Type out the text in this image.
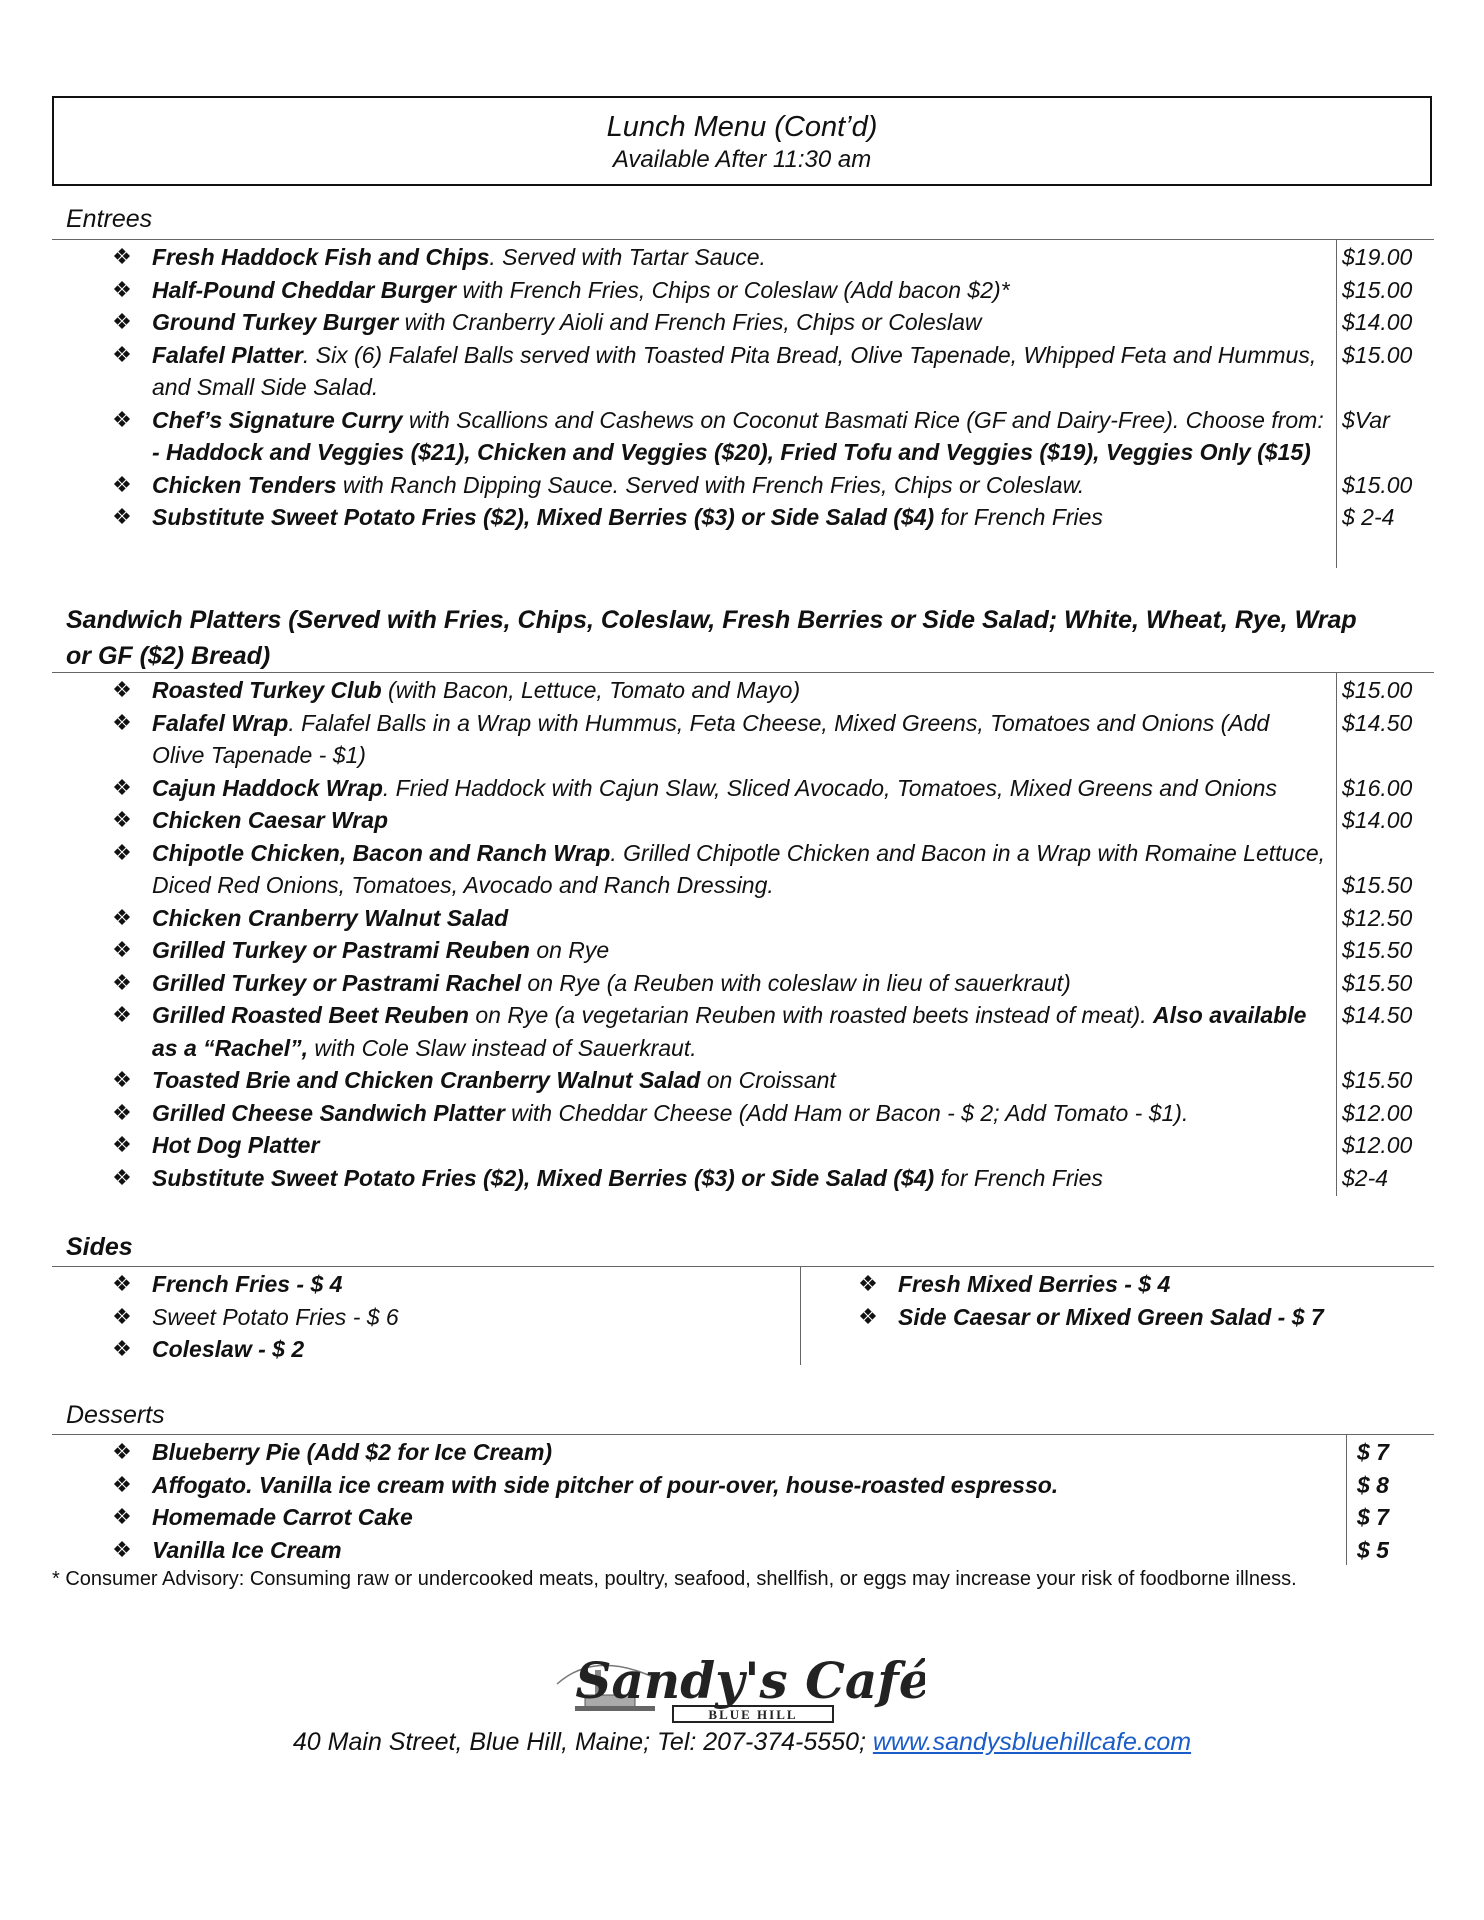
Lunch Menu (Cont’d)
Available After 11:30 am
Entrees
❖ Fresh Haddock Fish and Chips. Served with Tartar Sauce.	$19.00
❖ Half-Pound Cheddar Burger with French Fries, Chips or Coleslaw (Add bacon $2)*	$15.00
❖ Ground Turkey Burger with Cranberry Aioli and French Fries, Chips or Coleslaw	$14.00
❖ Falafel Platter. Six (6) Falafel Balls served with Toasted Pita Bread, Olive Tapenade, Whipped Feta and Hummus, and Small Side Salad.
$15.00
❖ Chef’s Signature Curry with Scallions and Cashews on Coconut Basmati Rice (GF and Dairy-Free). Choose from:
- Haddock and Veggies ($21), Chicken and Veggies ($20), Fried Tofu and Veggies ($19), Veggies Only ($15)
$Var
❖ Chicken Tenders with Ranch Dipping Sauce. Served with French Fries, Chips or Coleslaw.	$15.00
❖ Substitute Sweet Potato Fries ($2), Mixed Berries ($3) or Side Salad ($4) for French Fries	$ 2-4
Sandwich Platters (Served with Fries, Chips, Coleslaw, Fresh Berries or Side Salad; White, Wheat, Rye, Wrap or GF ($2) Bread)
❖ Roasted Turkey Club (with Bacon, Lettuce, Tomato and Mayo)	$15.00
❖ Falafel Wrap. Falafel Balls in a Wrap with Hummus, Feta Cheese, Mixed Greens, Tomatoes and Onions (Add Olive Tapenade - $1)
$14.50
❖ Cajun Haddock Wrap. Fried Haddock with Cajun Slaw, Sliced Avocado, Tomatoes, Mixed Greens and Onions	$16.00
❖ Chicken Caesar Wrap	$14.00
❖ Chipotle Chicken, Bacon and Ranch Wrap. Grilled Chipotle Chicken and Bacon in a Wrap with Romaine Lettuce, Diced Red Onions, Tomatoes, Avocado and Ranch Dressing.	$15.50
❖ Chicken Cranberry Walnut Salad	$12.50
❖ Grilled Turkey or Pastrami Reuben on Rye	$15.50
❖ Grilled Turkey or Pastrami Rachel on Rye (a Reuben with coleslaw in lieu of sauerkraut)	$15.50
❖ Grilled Roasted Beet Reuben on Rye (a vegetarian Reuben with roasted beets instead of meat). Also available as a “Rachel”, with Cole Slaw instead of Sauerkraut.
$14.50
❖ Toasted Brie and Chicken Cranberry Walnut Salad on Croissant	$15.50
❖ Grilled Cheese Sandwich Platter with Cheddar Cheese (Add Ham or Bacon - $ 2; Add Tomato - $1).	$12.00
❖ Hot Dog Platter	$12.00
❖ Substitute Sweet Potato Fries ($2), Mixed Berries ($3) or Side Salad ($4) for French Fries	$2-4
Sides
❖ French Fries - $ 4
❖ Sweet Potato Fries - $ 6
❖ Coleslaw - $ 2
❖ Fresh Mixed Berries - $ 4
❖ Side Caesar or Mixed Green Salad - $ 7
Desserts
❖ Blueberry Pie (Add $2 for Ice Cream)	$ 7
❖ Affogato. Vanilla ice cream with side pitcher of pour-over, house-roasted espresso.	$ 8
❖ Homemade Carrot Cake	$ 7
❖ Vanilla Ice Cream	$ 5
* Consumer Advisory: Consuming raw or undercooked meats, poultry, seafood, shellfish, or eggs may increase your risk of foodborne illness.
Sandy's Café
BLUE HILL
40 Main Street, Blue Hill, Maine; Tel: 207-374-5550; www.sandysbluehillcafe.com
